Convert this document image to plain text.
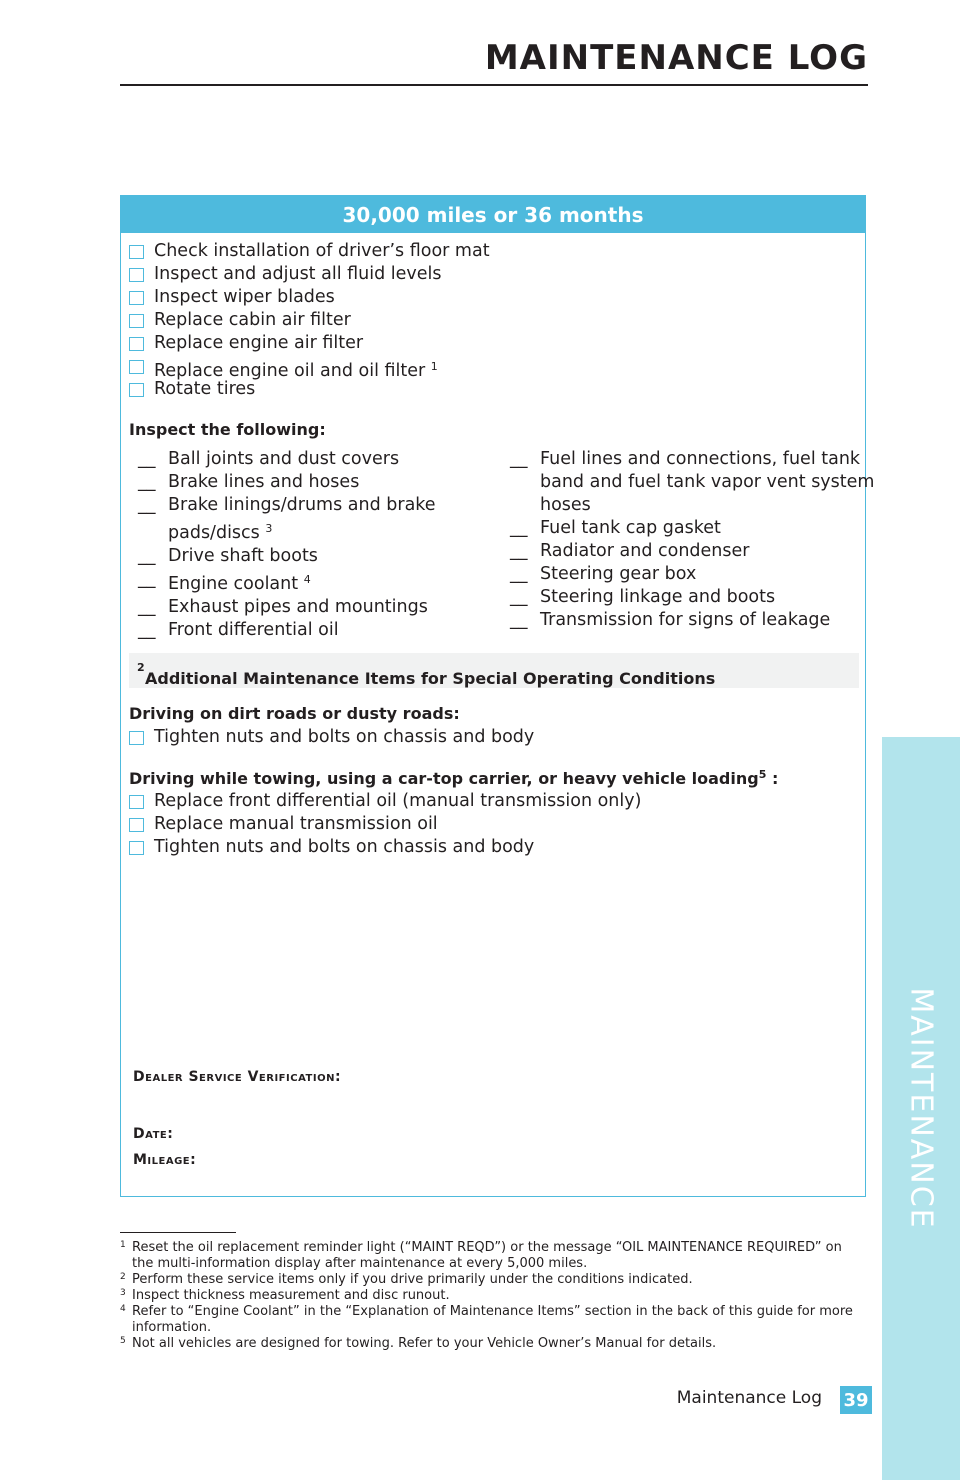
MAINTENANCE LOG
MAINTENANCE
30,000 miles or 36 months
Check installation of driver’s floor mat
Inspect and adjust all fluid levels
Inspect wiper blades
Replace cabin air filter
Replace engine air filter
Replace engine oil and oil filter $^1$
Rotate tires
Inspect the following:
__ Ball joints and dust covers
__ Brake lines and hoses
__ Brake linings/drums and brake
pads/discs $^3$
__ Drive shaft boots
__ Engine coolant $^4$
__ Exhaust pipes and mountings
__ Front differential oil
__ Fuel lines and connections, fuel tank
band and fuel tank vapor vent system
hoses
__ Fuel tank cap gasket
__ Radiator and condenser
__ Steering gear box
__ Steering linkage and boots
__ Transmission for signs of leakage
Additional Maintenance Items for Special Operating Conditions
$^2$
Driving on dirt roads or dusty roads:
Tighten nuts and bolts on chassis and body
Driving while towing, using a car-top carrier, or heavy vehicle loading$^5$ :
Replace front differential oil (manual transmission only)
Replace manual transmission oil
Tighten nuts and bolts on chassis and body
Dealer Service Verification:
Date:
Mileage:
1 Reset the oil replacement reminder light (“MAINT REQD”) or the message “OIL MAINTENANCE REQUIRED” on the multi-information display after maintenance at every 5,000 miles.
2 Perform these service items only if you drive primarily under the conditions indicated.
3 Inspect thickness measurement and disc runout.
4 Refer to “Engine Coolant” in the “Explanation of Maintenance Items” section in the back of this guide for more information.
5 Not all vehicles are designed for towing. Refer to your Vehicle Owner’s Manual for details.
Maintenance Log 39
